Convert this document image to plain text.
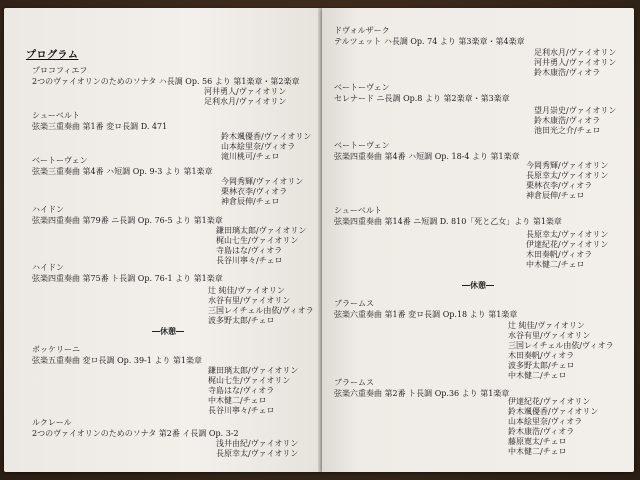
プログラム
プロコフィエフ
2つのヴァイオリンのためのソナタ ハ長調 Op. 56 より 第1楽章・第2楽章
河井勇人/ヴァイオリン
足利水月/ヴァイオリン
シューベルト
弦楽三重奏曲 第1番 変ロ長調 D. 471
鈴木颯優香/ヴァイオリン
山本絵里奈/ヴィオラ
滝川桃可/チェロ
ベートーヴェン
弦楽三重奏曲 第4番 ハ短調 Op. 9-3 より 第1楽章
今岡秀輝/ヴァイオリン
栗林衣李/ヴィオラ
神倉辰伸/チェロ
ハイドン
弦楽四重奏曲 第79番 ニ長調 Op. 76-5 より 第1楽章
鎌田璃太郎/ヴァイオリン
梶山七生/ヴァイオリン
寺島はな/ヴィオラ
長谷川寧々/チェロ
ハイドン
弦楽四重奏曲 第75番 ト長調 Op. 76-1 より 第1楽章
辻 純佳/ヴァイオリン
水谷有里/ヴァイオリン
三国レイチェル由依/ヴィオラ
波多野太郎/チェロ
―休憩―
ボッケリーニ
弦楽五重奏曲 変ロ長調 Op. 39-1 より 第1楽章
鎌田璃太郎/ヴァイオリン
梶山七生/ヴァイオリン
寺島はな/ヴィオラ
中木健二/チェロ
長谷川寧々/チェロ
ルクレール
2つのヴァイオリンのためのソナタ 第2番 イ長調 Op. 3-2
浅井由紀/ヴァイオリン
長原幸太/ヴァイオリン
ドヴォルザーク
テルツェット ハ長調 Op. 74 より 第3楽章・第4楽章
足利水月/ヴァイオリン
河井勇人/ヴァイオリン
鈴木康浩/ヴィオラ
ベートーヴェン
セレナード ニ長調 Op.8 より 第2楽章・第3楽章
望月崇史/ヴァイオリン
鈴木康浩/ヴィオラ
池田光之介/チェロ
ベートーヴェン
弦楽四重奏曲 第4番 ハ短調 Op. 18-4 より 第1楽章
今岡秀輝/ヴァイオリン
長原幸太/ヴァイオリン
栗林衣李/ヴィオラ
神倉辰伸/チェロ
シューベルト
弦楽四重奏曲 第14番 ニ短調 D. 810「死と乙女」より 第1楽章
長原幸太/ヴァイオリン
伊達紀花/ヴァイオリン
木田奏帆/ヴィオラ
中木健二/チェロ
―休憩―
ブラームス
弦楽六重奏曲 第1番 変ロ長調 Op.18 より 第1楽章
辻 純佳/ヴァイオリン
水谷有里/ヴァイオリン
三国レイチェル由依/ヴィオラ
木田奏帆/ヴィオラ
波多野太郎/チェロ
中木健二/チェロ
ブラームス
弦楽六重奏曲 第2番 ト長調 Op.36 より 第1楽章
伊達紀花/ヴァイオリン
鈴木颯優香/ヴァイオリン
山本絵里奈/ヴィオラ
鈴木康浩/ヴィオラ
藤原寛太/チェロ
中木健二/チェロ
